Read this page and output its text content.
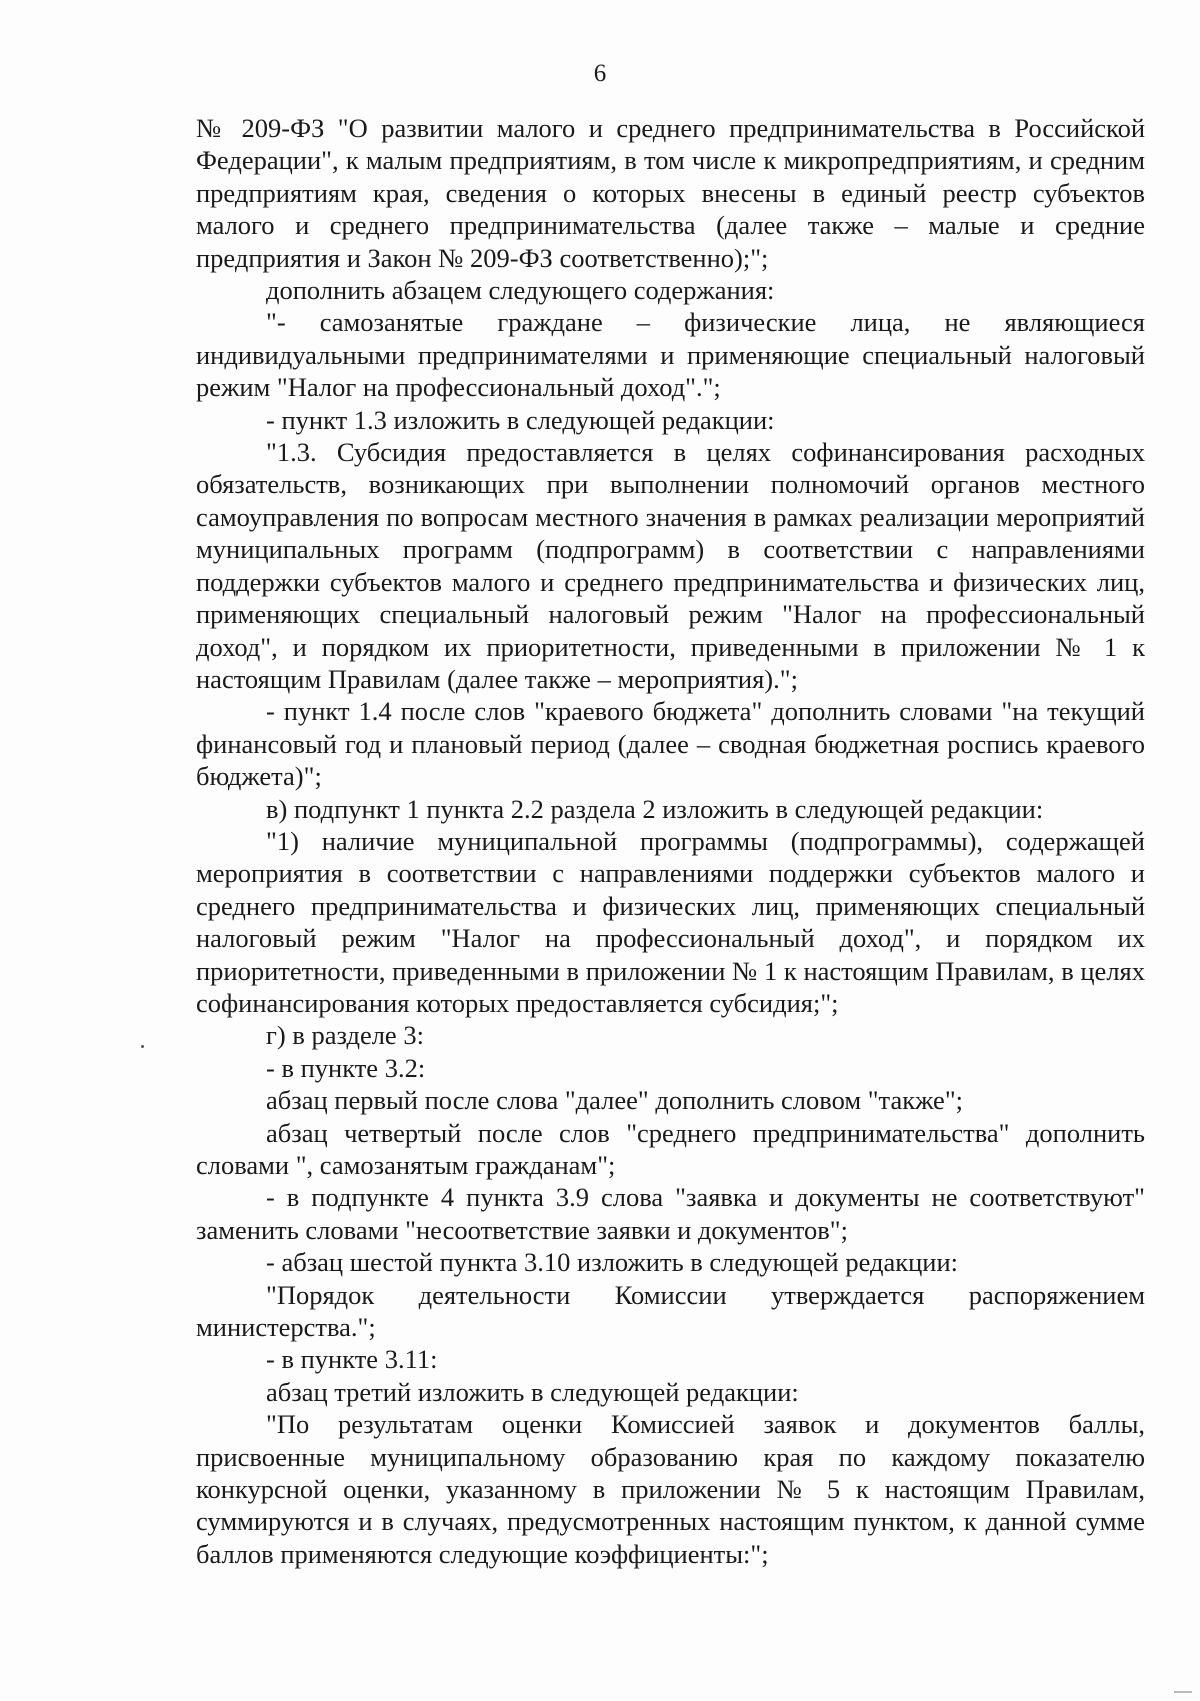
6

№ 209-ФЗ "О развитии малого и среднего предпринимательства в Российской Федерации", к малым предприятиям, в том числе к микропредприятиям, и средним предприятиям края, сведения о которых внесены в единый реестр субъектов малого и среднего предпринимательства (далее также – малые и средние предприятия и Закон № 209-ФЗ соответственно);";

дополнить абзацем следующего содержания:

"- самозанятые граждане – физические лица, не являющиеся индивидуальными предпринимателями и применяющие специальный налоговый режим "Налог на профессиональный доход".";

- пункт 1.3 изложить в следующей редакции:

"1.3. Субсидия предоставляется в целях софинансирования расходных обязательств, возникающих при выполнении полномочий органов местного самоуправления по вопросам местного значения в рамках реализации мероприятий муниципальных программ (подпрограмм) в соответствии с направлениями поддержки субъектов малого и среднего предпринимательства и физических лиц, применяющих специальный налоговый режим "Налог на профессиональный доход", и порядком их приоритетности, приведенными в приложении № 1 к настоящим Правилам (далее также – мероприятия).";

- пункт 1.4 после слов "краевого бюджета" дополнить словами "на текущий финансовый год и плановый период (далее – сводная бюджетная роспись краевого бюджета)";

в) подпункт 1 пункта 2.2 раздела 2 изложить в следующей редакции:

"1) наличие муниципальной программы (подпрограммы), содержащей мероприятия в соответствии с направлениями поддержки субъектов малого и среднего предпринимательства и физических лиц, применяющих специальный налоговый режим "Налог на профессиональный доход", и порядком их приоритетности, приведенными в приложении № 1 к настоящим Правилам, в целях софинансирования которых предоставляется субсидия;";

г) в разделе 3:

- в пункте 3.2:

абзац первый после слова "далее" дополнить словом "также";

абзац четвертый после слов "среднего предпринимательства" дополнить словами ", самозанятым гражданам";

- в подпункте 4 пункта 3.9 слова "заявка и документы не соответствуют" заменить словами "несоответствие заявки и документов";

- абзац шестой пункта 3.10 изложить в следующей редакции:

"Порядок деятельности Комиссии утверждается распоряжением министерства.";

- в пункте 3.11:

абзац третий изложить в следующей редакции:

"По результатам оценки Комиссией заявок и документов баллы, присвоенные муниципальному образованию края по каждому показателю конкурсной оценки, указанному в приложении № 5 к настоящим Правилам, суммируются и в случаях, предусмотренных настоящим пунктом, к данной сумме баллов применяются следующие коэффициенты:";
